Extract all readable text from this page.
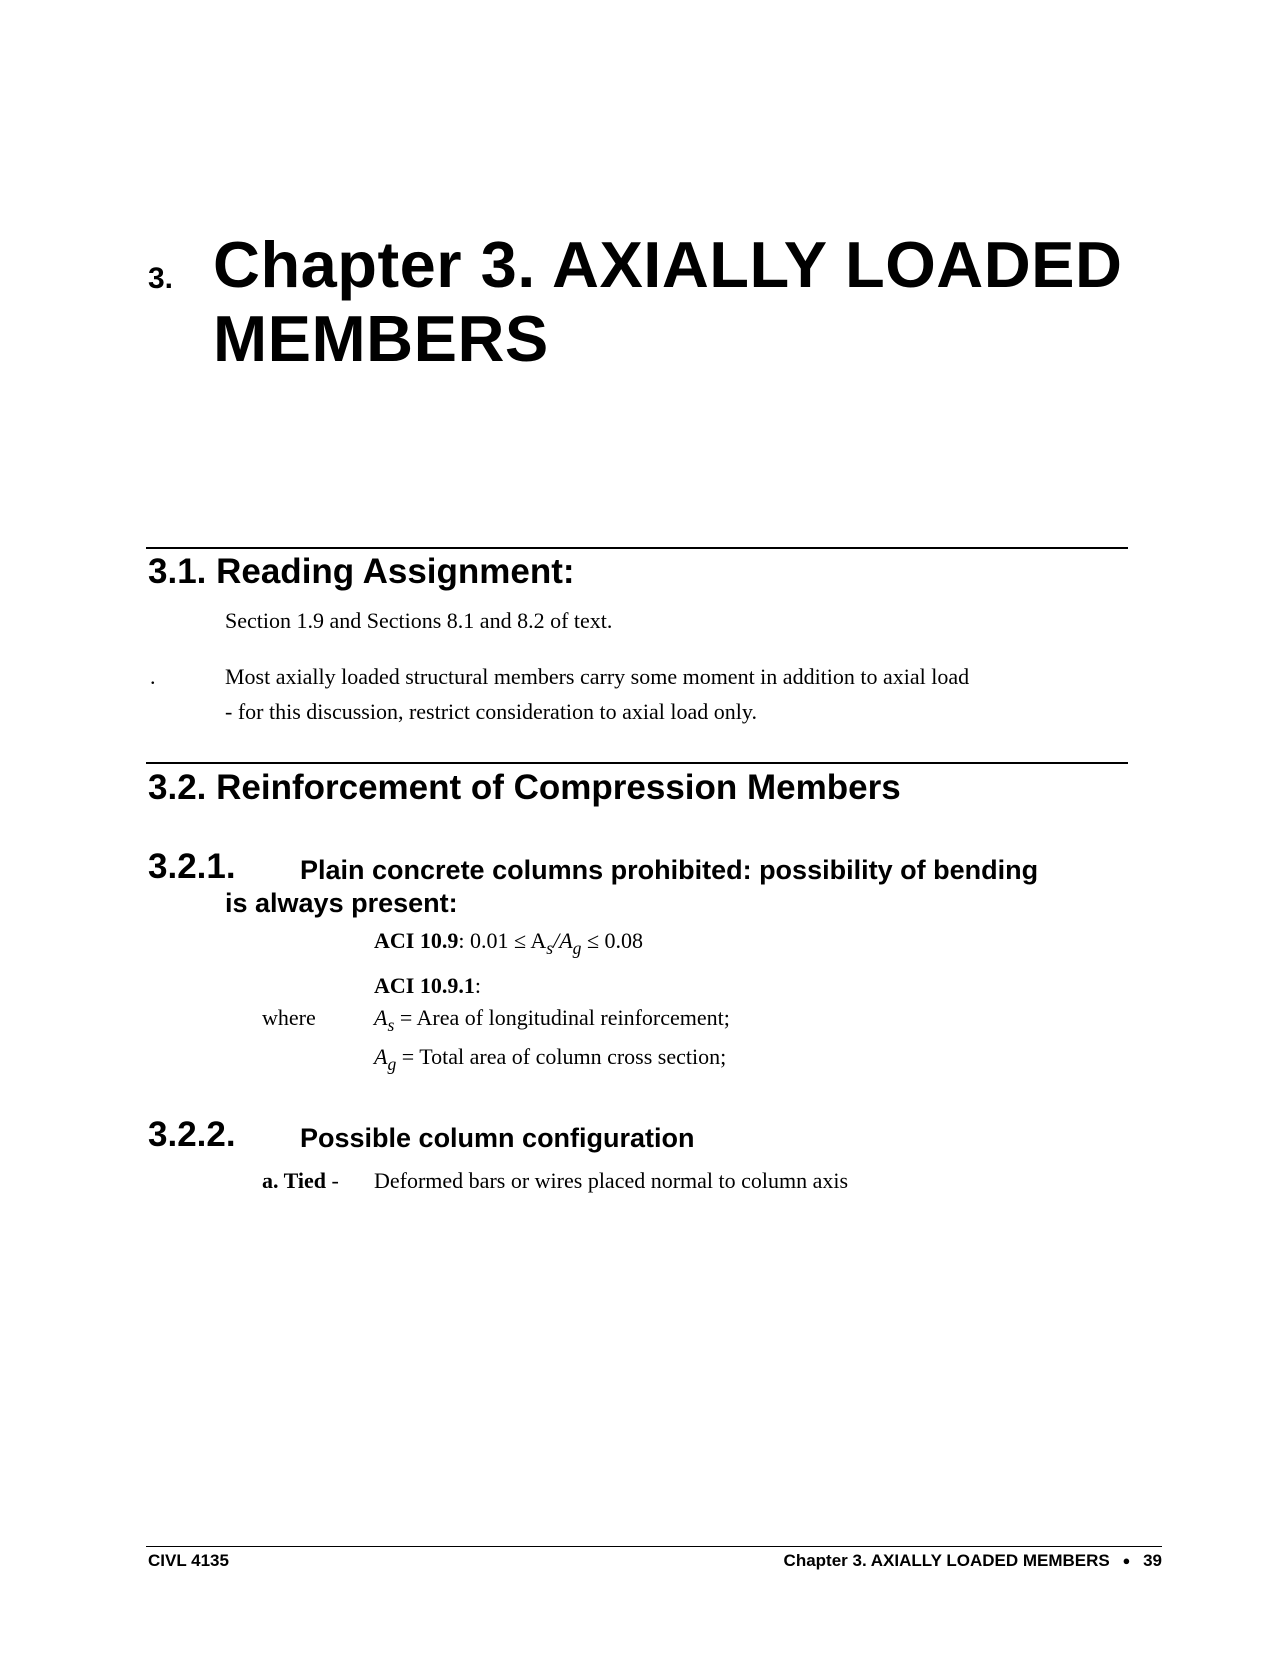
3. Chapter 3. AXIALLY LOADED
MEMBERS
3.1. Reading Assignment:
Section 1.9 and Sections 8.1 and 8.2 of text.
.	Most axially loaded structural members carry some moment in addition to axial load
- for this discussion, restrict consideration to axial load only.
3.2. Reinforcement of Compression Members
3.2.1. Plain concrete columns prohibited: possibility of bending
is always present:
ACI 10.9: $0.01 \le A_s/A_g \le 0.08$
ACI 10.9.1:
where	$A_s$ = Area of longitudinal reinforcement;
$A_g$ = Total area of column cross section;
3.2.2. Possible column configuration
a. Tied - Deformed bars or wires placed normal to column axis
CIVL 4135	Chapter 3. AXIALLY LOADED MEMBERS ● 39
